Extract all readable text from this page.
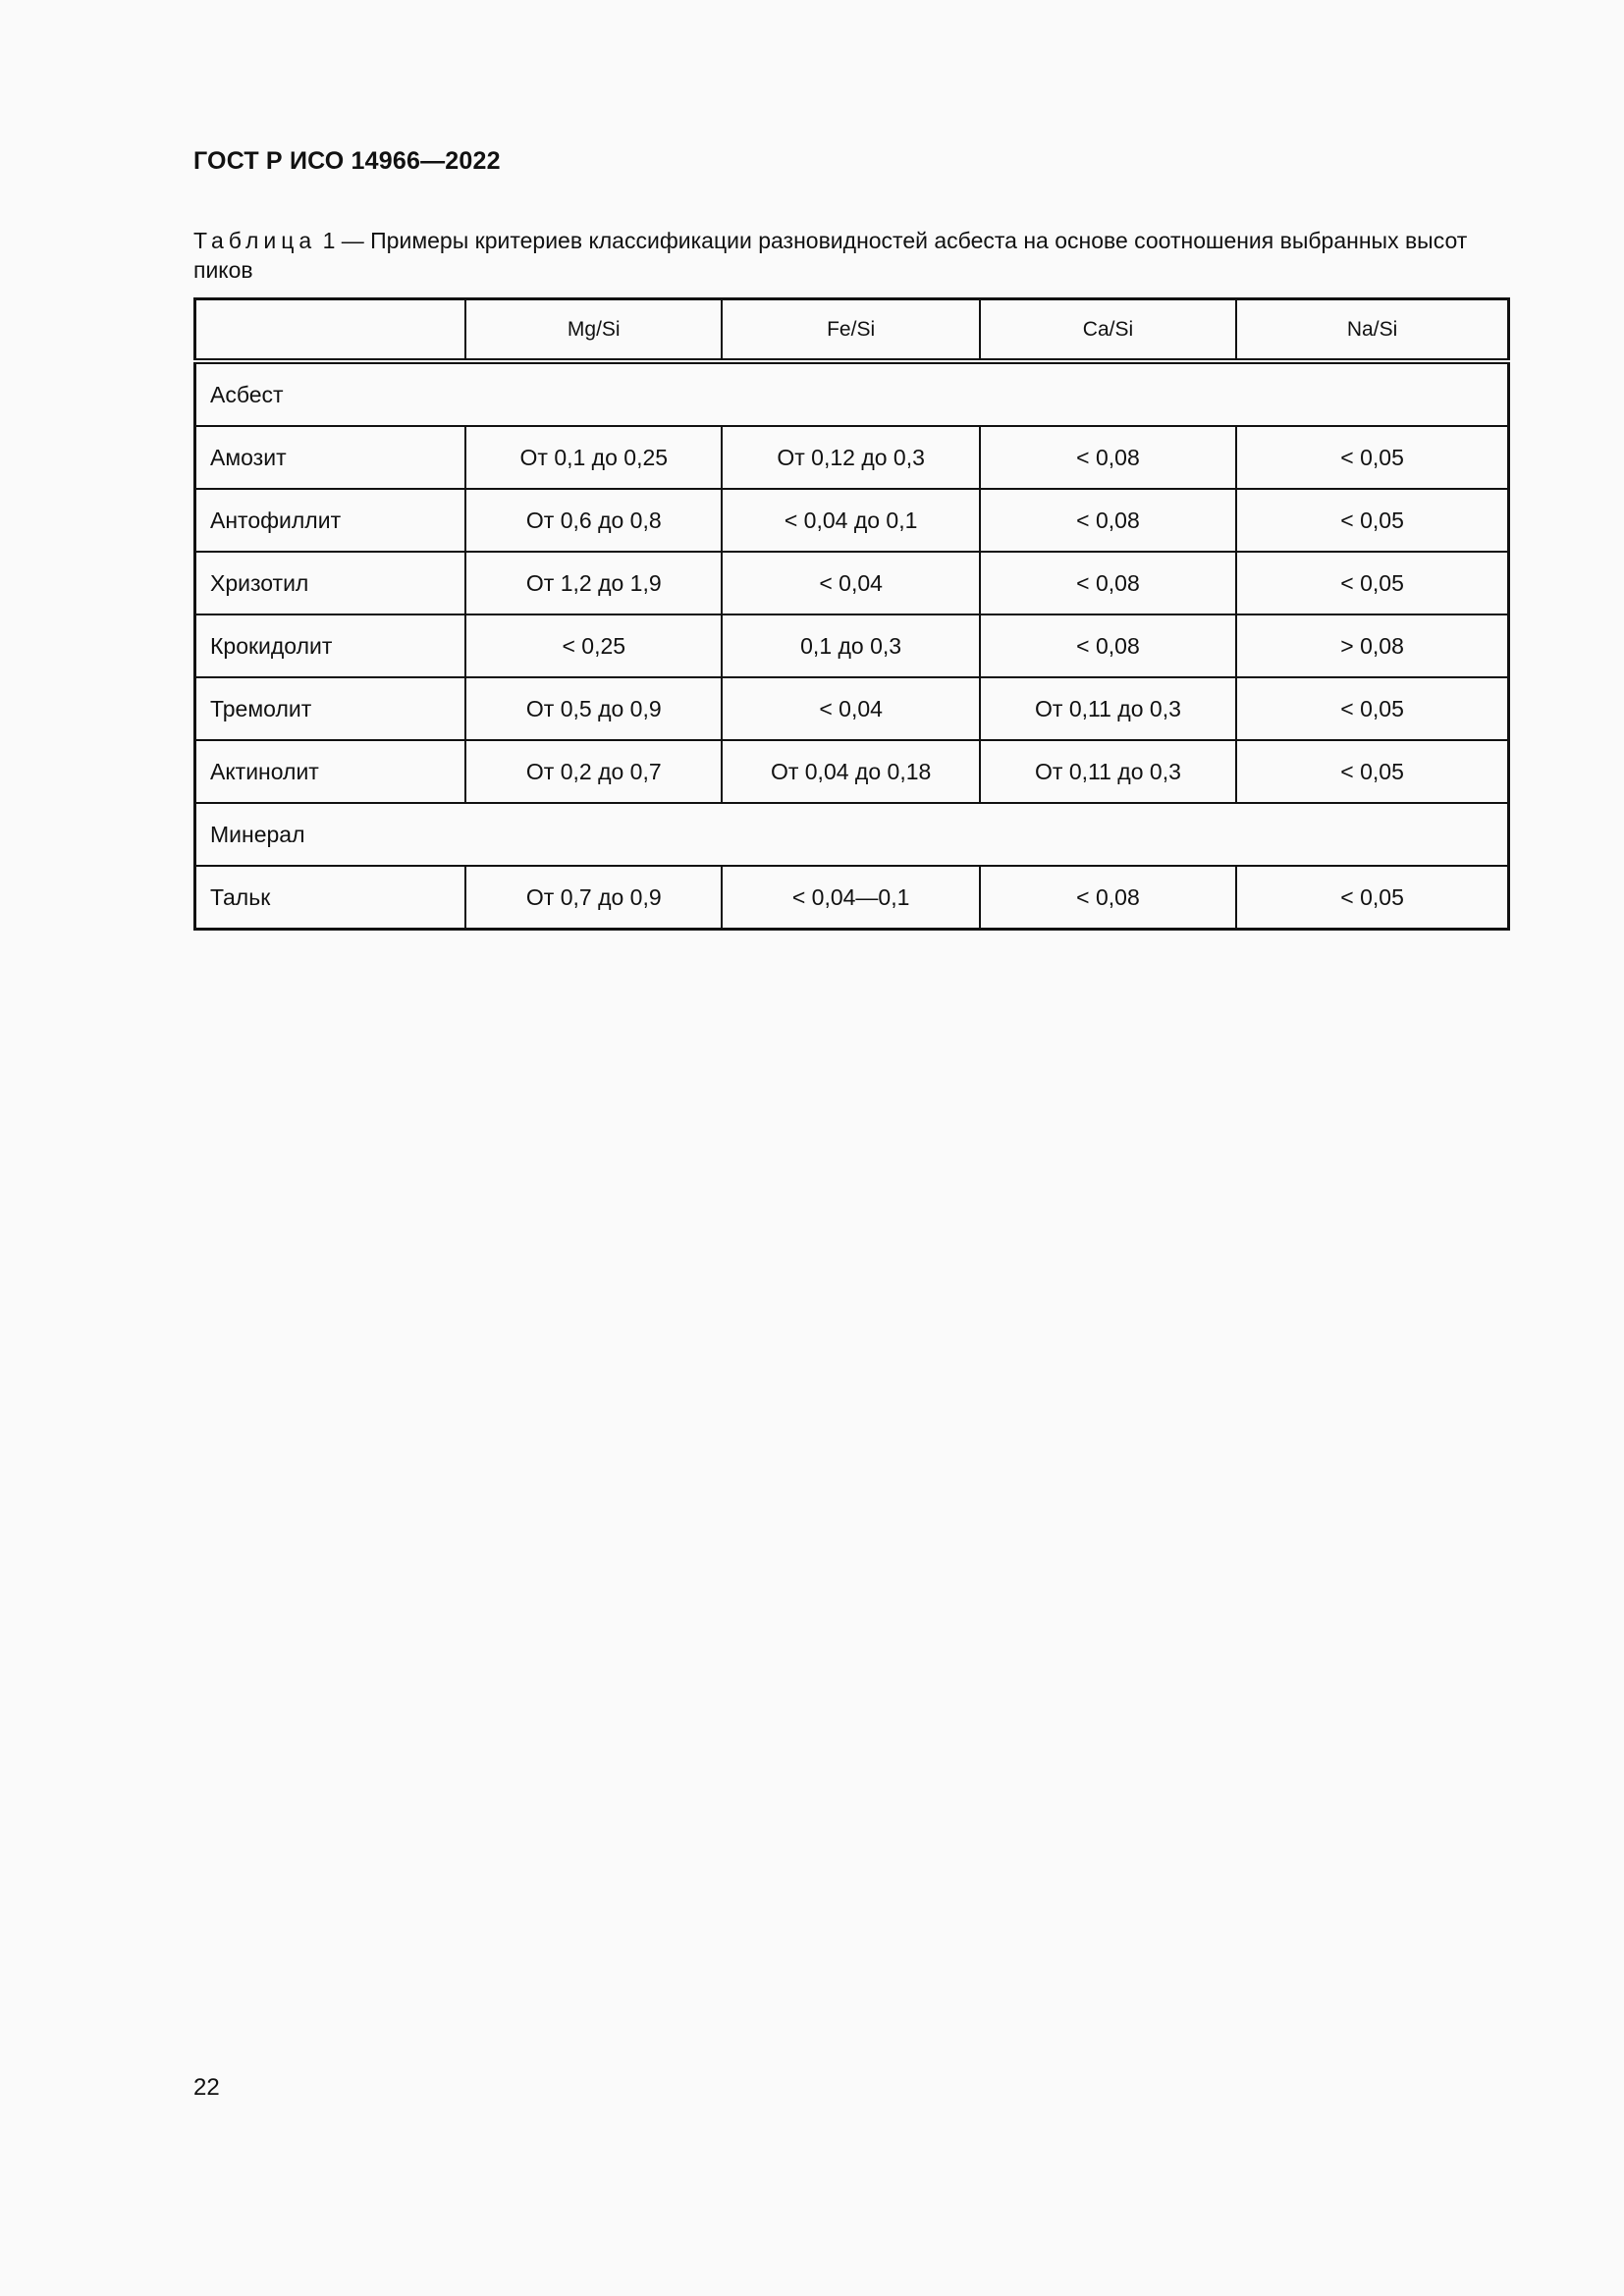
ГОСТ Р ИСО 14966—2022
Таблица 1 — Примеры критериев классификации разновидностей асбеста на основе соотношения выбранных высот пиков
	Mg/Si	Fe/Si	Ca/Si	Na/Si
Асбест				
Амозит	От 0,1 до 0,25	От 0,12 до 0,3	< 0,08	< 0,05
Антофиллит	От 0,6 до 0,8	< 0,04 до 0,1	< 0,08	< 0,05
Хризотил	От 1,2 до 1,9	< 0,04	< 0,08	< 0,05
Крокидолит	< 0,25	0,1 до 0,3	< 0,08	> 0,08
Тремолит	От 0,5 до 0,9	< 0,04	От 0,11 до 0,3	< 0,05
Актинолит	От 0,2 до 0,7	От 0,04 до 0,18	От 0,11 до 0,3	< 0,05
Минерал				
Тальк	От 0,7 до 0,9	< 0,04—0,1	< 0,08	< 0,05
22
